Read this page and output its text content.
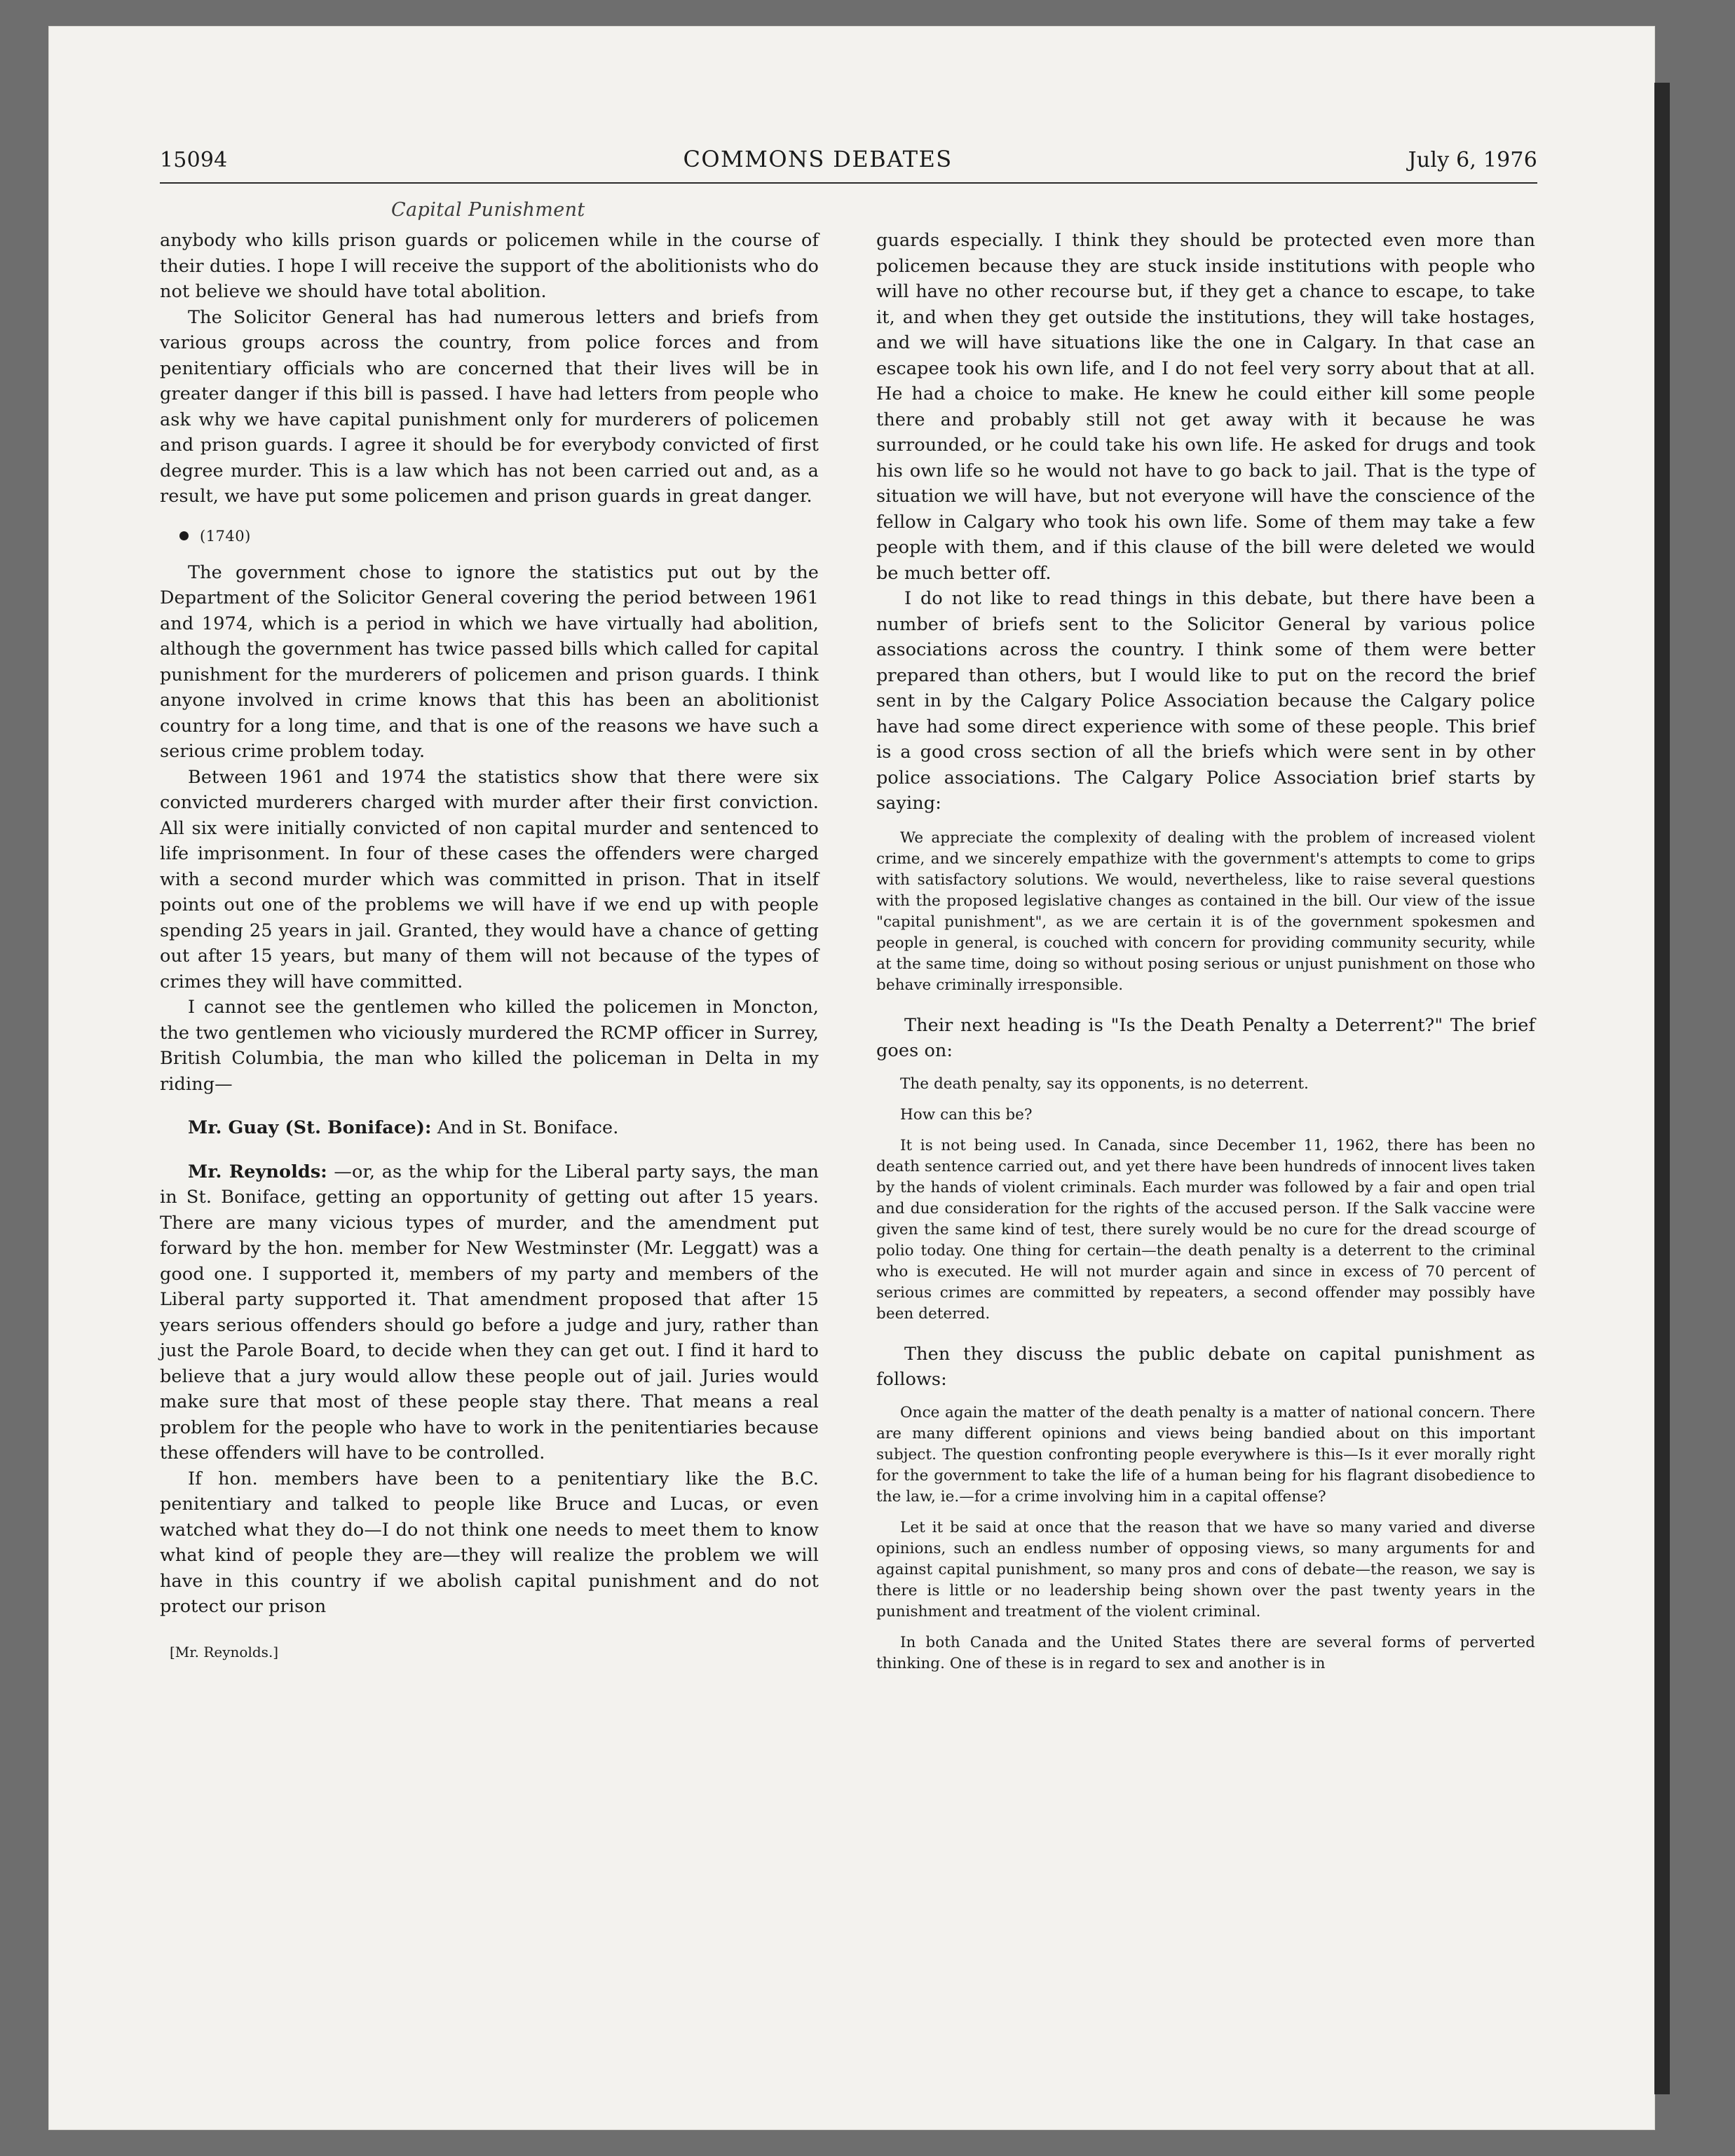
15094	COMMONS DEBATES	July 6, 1976
Capital Punishment

anybody who kills prison guards or policemen while in the course of their duties. I hope I will receive the support of the abolitionists who do not believe we should have total abolition.

The Solicitor General has had numerous letters and briefs from various groups across the country, from police forces and from penitentiary officials who are concerned that their lives will be in greater danger if this bill is passed. I have had letters from people who ask why we have capital punishment only for murderers of policemen and prison guards. I agree it should be for everybody convicted of first degree murder. This is a law which has not been carried out and, as a result, we have put some policemen and prison guards in great danger.

(1740)

The government chose to ignore the statistics put out by the Department of the Solicitor General covering the period between 1961 and 1974, which is a period in which we have virtually had abolition, although the government has twice passed bills which called for capital punishment for the murderers of policemen and prison guards. I think anyone involved in crime knows that this has been an abolitionist country for a long time, and that is one of the reasons we have such a serious crime problem today.

Between 1961 and 1974 the statistics show that there were six convicted murderers charged with murder after their first conviction. All six were initially convicted of non capital murder and sentenced to life imprisonment. In four of these cases the offenders were charged with a second murder which was committed in prison. That in itself points out one of the problems we will have if we end up with people spending 25 years in jail. Granted, they would have a chance of getting out after 15 years, but many of them will not because of the types of crimes they will have committed.

I cannot see the gentlemen who killed the policemen in Moncton, the two gentlemen who viciously murdered the RCMP officer in Surrey, British Columbia, the man who killed the policeman in Delta in my riding—

Mr. Guay (St. Boniface): And in St. Boniface.

Mr. Reynolds: —or, as the whip for the Liberal party says, the man in St. Boniface, getting an opportunity of getting out after 15 years. There are many vicious types of murder, and the amendment put forward by the hon. member for New Westminster (Mr. Leggatt) was a good one. I supported it, members of my party and members of the Liberal party supported it. That amendment proposed that after 15 years serious offenders should go before a judge and jury, rather than just the Parole Board, to decide when they can get out. I find it hard to believe that a jury would allow these people out of jail. Juries would make sure that most of these people stay there. That means a real problem for the people who have to work in the penitentiaries because these offenders will have to be controlled.

If hon. members have been to a penitentiary like the B.C. penitentiary and talked to people like Bruce and Lucas, or even watched what they do—I do not think one needs to meet them to know what kind of people they are—they will realize the problem we will have in this country if we abolish capital punishment and do not protect our prison

[Mr. Reynolds.]

guards especially. I think they should be protected even more than policemen because they are stuck inside institutions with people who will have no other recourse but, if they get a chance to escape, to take it, and when they get outside the institutions, they will take hostages, and we will have situations like the one in Calgary. In that case an escapee took his own life, and I do not feel very sorry about that at all. He had a choice to make. He knew he could either kill some people there and probably still not get away with it because he was surrounded, or he could take his own life. He asked for drugs and took his own life so he would not have to go back to jail. That is the type of situation we will have, but not everyone will have the conscience of the fellow in Calgary who took his own life. Some of them may take a few people with them, and if this clause of the bill were deleted we would be much better off.

I do not like to read things in this debate, but there have been a number of briefs sent to the Solicitor General by various police associations across the country. I think some of them were better prepared than others, but I would like to put on the record the brief sent in by the Calgary Police Association because the Calgary police have had some direct experience with some of these people. This brief is a good cross section of all the briefs which were sent in by other police associations. The Calgary Police Association brief starts by saying:

We appreciate the complexity of dealing with the problem of increased violent crime, and we sincerely empathize with the government's attempts to come to grips with satisfactory solutions. We would, nevertheless, like to raise several questions with the proposed legislative changes as contained in the bill. Our view of the issue "capital punishment", as we are certain it is of the government spokesmen and people in general, is couched with concern for providing community security, while at the same time, doing so without posing serious or unjust punishment on those who behave criminally irresponsible.

Their next heading is "Is the Death Penalty a Deterrent?" The brief goes on:

The death penalty, say its opponents, is no deterrent.

How can this be?

It is not being used. In Canada, since December 11, 1962, there has been no death sentence carried out, and yet there have been hundreds of innocent lives taken by the hands of violent criminals. Each murder was followed by a fair and open trial and due consideration for the rights of the accused person. If the Salk vaccine were given the same kind of test, there surely would be no cure for the dread scourge of polio today. One thing for certain—the death penalty is a deterrent to the criminal who is executed. He will not murder again and since in excess of 70 percent of serious crimes are committed by repeaters, a second offender may possibly have been deterred.

Then they discuss the public debate on capital punishment as follows:

Once again the matter of the death penalty is a matter of national concern. There are many different opinions and views being bandied about on this important subject. The question confronting people everywhere is this—Is it ever morally right for the government to take the life of a human being for his flagrant disobedience to the law, ie.—for a crime involving him in a capital offense?

Let it be said at once that the reason that we have so many varied and diverse opinions, such an endless number of opposing views, so many arguments for and against capital punishment, so many pros and cons of debate—the reason, we say is there is little or no leadership being shown over the past twenty years in the punishment and treatment of the violent criminal.

In both Canada and the United States there are several forms of perverted thinking. One of these is in regard to sex and another is in
